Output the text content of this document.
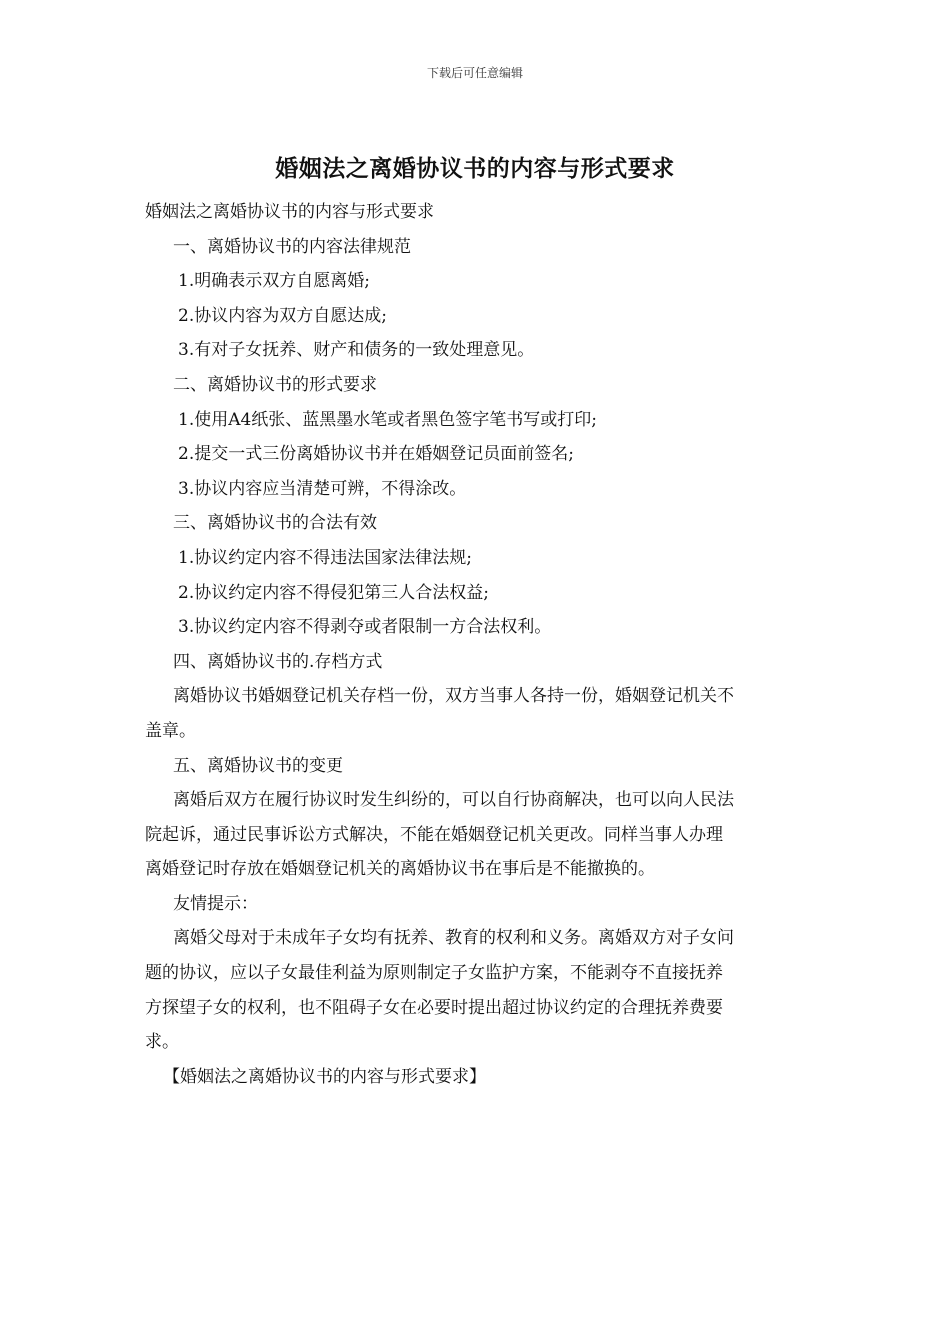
下载后可任意编辑
婚姻法之离婚协议书的内容与形式要求
婚姻法之离婚协议书的内容与形式要求
一、离婚协议书的内容法律规范
1.明确表示双方自愿离婚;
2.协议内容为双方自愿达成;
3.有对子女抚养、财产和债务的一致处理意见。
二、离婚协议书的形式要求
1.使用A4纸张、蓝黑墨水笔或者黑色签字笔书写或打印;
2.提交一式三份离婚协议书并在婚姻登记员面前签名;
3.协议内容应当清楚可辨，不得涂改。
三、离婚协议书的合法有效
1.协议约定内容不得违法国家法律法规;
2.协议约定内容不得侵犯第三人合法权益;
3.协议约定内容不得剥夺或者限制一方合法权利。
四、离婚协议书的.存档方式
离婚协议书婚姻登记机关存档一份，双方当事人各持一份，婚姻登记机关不
盖章。
五、离婚协议书的变更
离婚后双方在履行协议时发生纠纷的，可以自行协商解决，也可以向人民法
院起诉，通过民事诉讼方式解决，不能在婚姻登记机关更改。同样当事人办理
离婚登记时存放在婚姻登记机关的离婚协议书在事后是不能撤换的。
友情提示：
离婚父母对于未成年子女均有抚养、教育的权利和义务。离婚双方对子女问
题的协议，应以子女最佳利益为原则制定子女监护方案，不能剥夺不直接抚养
方探望子女的权利，也不阻碍子女在必要时提出超过协议约定的合理抚养费要
求。
【婚姻法之离婚协议书的内容与形式要求】
